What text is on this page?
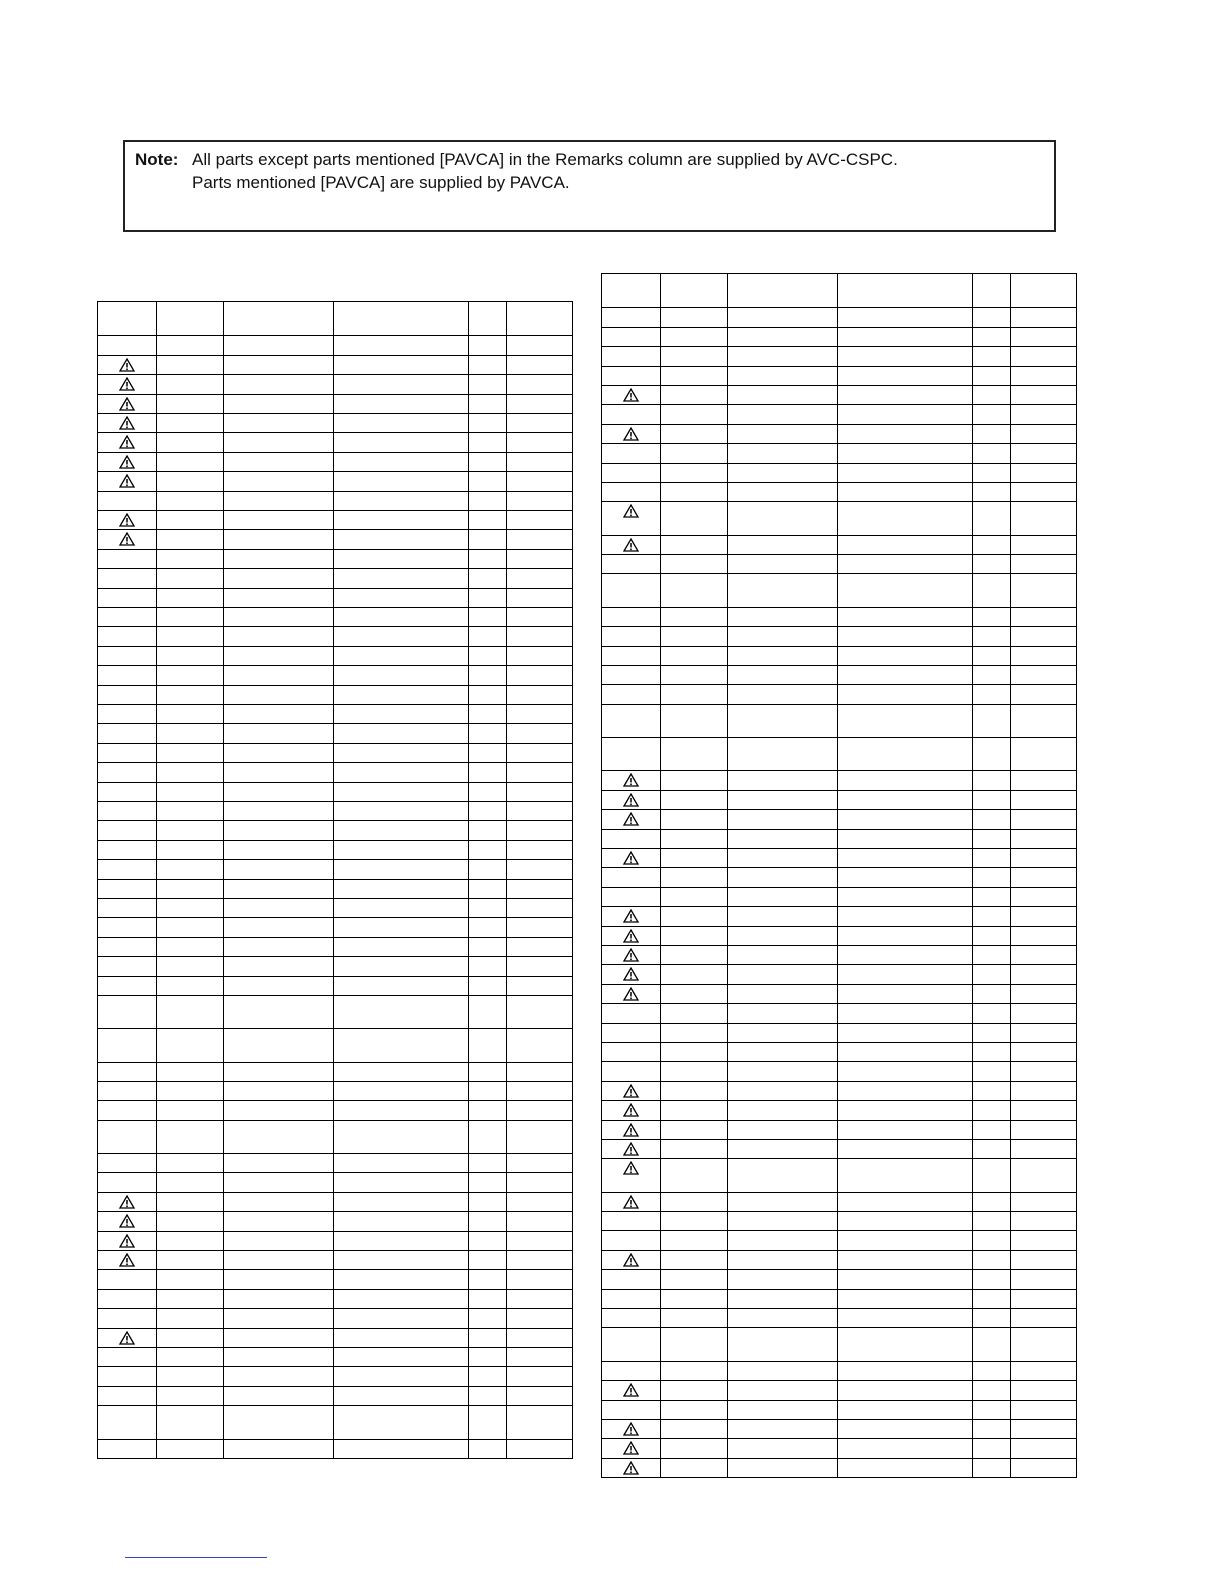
Note: All parts except parts mentioned [PAVCA] in the Remarks column are supplied by AVC-CSPC.
Parts mentioned [PAVCA] are supplied by PAVCA.
